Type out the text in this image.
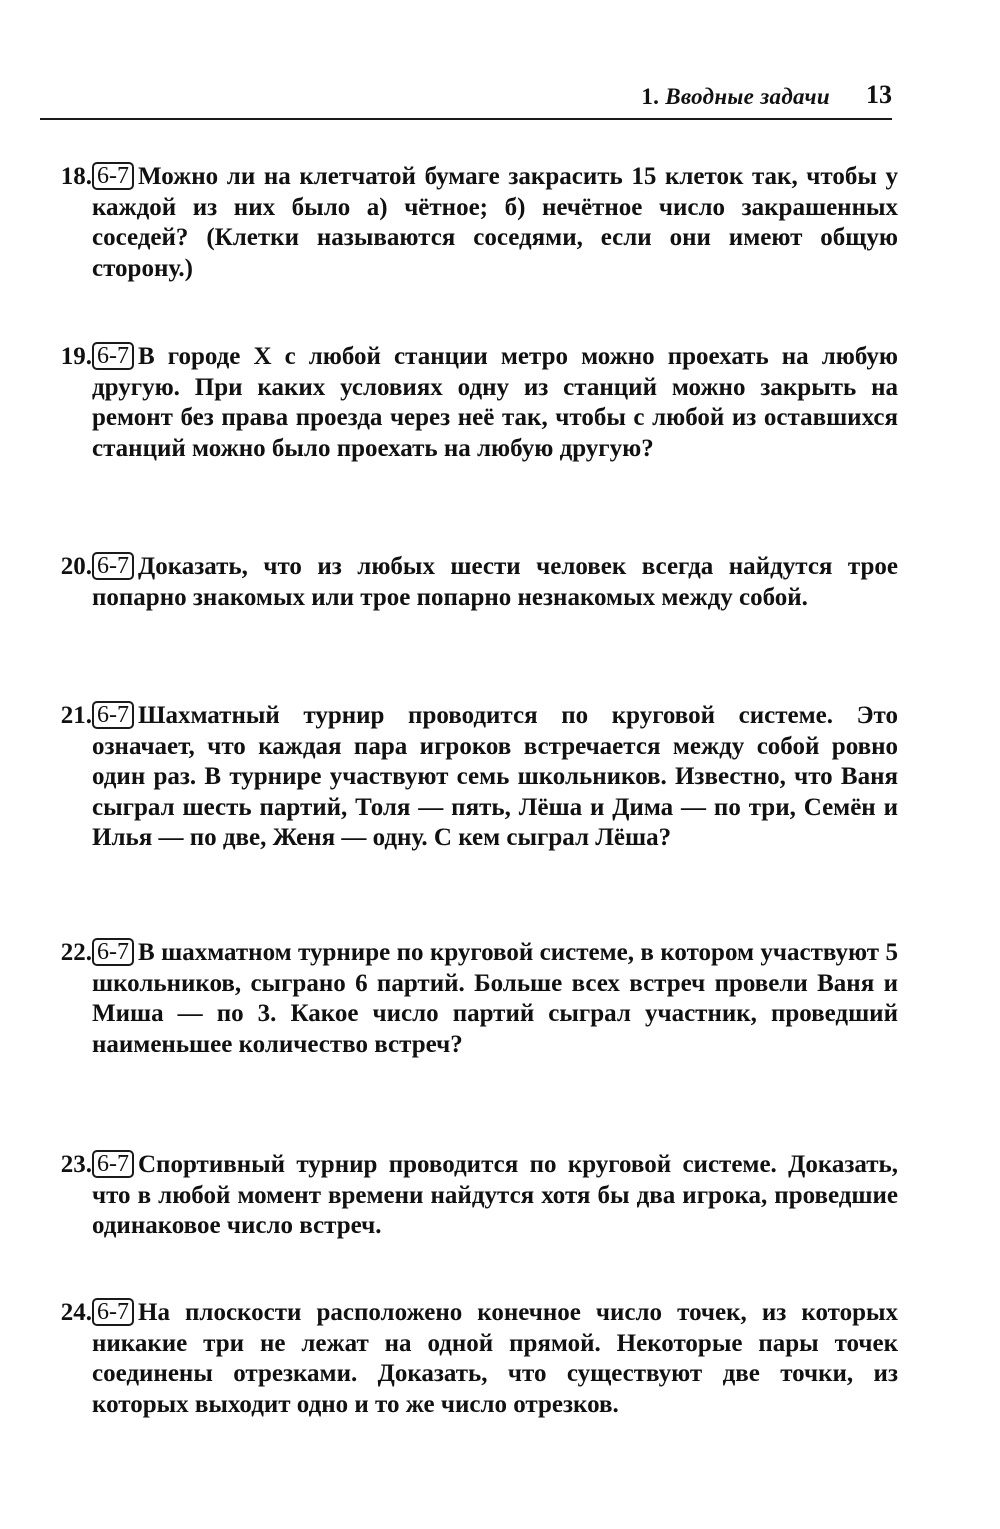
1. Вводные задачи 13
18. 6-7 Можно ли на клетчатой бумаге закрасить 15 клеток так, чтобы у каждой из них было а) чётное; б) нечётное число закрашенных соседей? (Клетки называются соседями, если они имеют общую сторону.)
19. 6-7 В городе X с любой станции метро можно проехать на любую другую. При каких условиях одну из станций можно закрыть на ремонт без права проезда через неё так, чтобы с любой из оставшихся станций можно было проехать на любую другую?
20. 6-7 Доказать, что из любых шести человек всегда найдутся трое попарно знакомых или трое попарно незнакомых между собой.
21. 6-7 Шахматный турнир проводится по круговой системе. Это означает, что каждая пара игроков встречается между собой ровно один раз. В турнире участвуют семь школьников. Известно, что Ваня сыграл шесть партий, Толя — пять, Лёша и Дима — по три, Семён и Илья — по две, Женя — одну. С кем сыграл Лёша?
22. 6-7 В шахматном турнире по круговой системе, в котором участвуют 5 школьников, сыграно 6 партий. Больше всех встреч провели Ваня и Миша — по 3. Какое число партий сыграл участник, проведший наименьшее количество встреч?
23. 6-7 Спортивный турнир проводится по круговой системе. Доказать, что в любой момент времени найдутся хотя бы два игрока, проведшие одинаковое число встреч.
24. 6-7 На плоскости расположено конечное число точек, из которых никакие три не лежат на одной прямой. Некоторые пары точек соединены отрезками. Доказать, что существуют две точки, из которых выходит одно и то же число отрезков.
